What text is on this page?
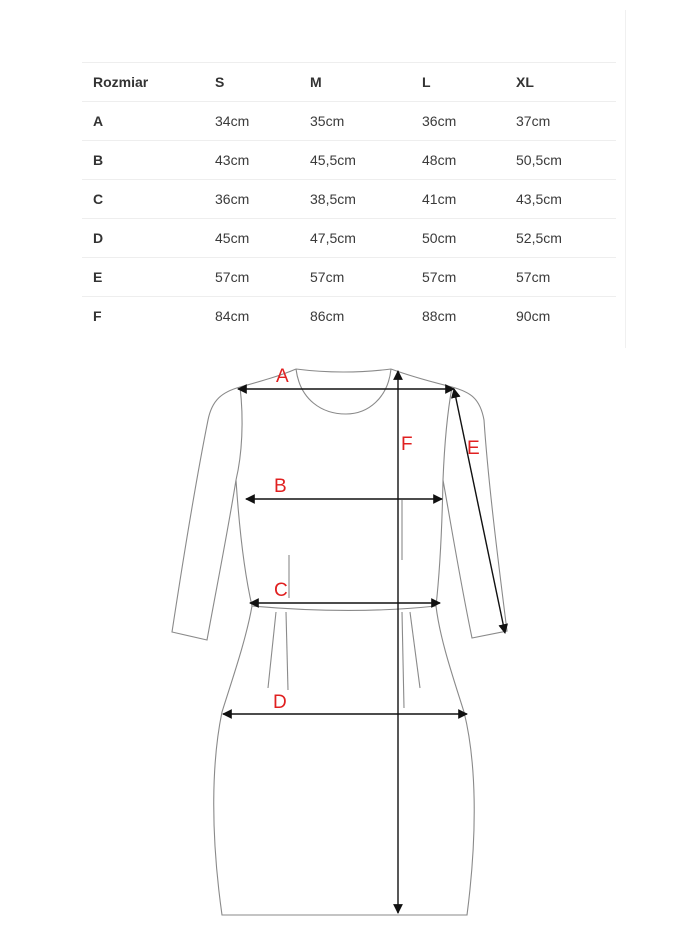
Rozmiar	S	M	L	XL
A	34cm	35cm	36cm	37cm
B	43cm	45,5cm	48cm	50,5cm
C	36cm	38,5cm	41cm	43,5cm
D	45cm	47,5cm	50cm	52,5cm
E	57cm	57cm	57cm	57cm
F	84cm	86cm	88cm	90cm
A
B
C
D
E
F
